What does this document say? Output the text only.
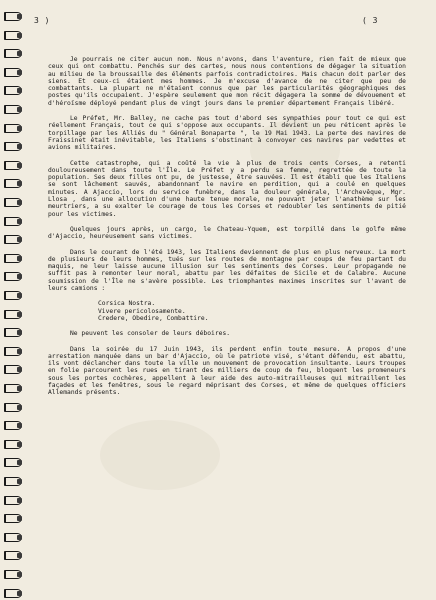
3 )	( 3

Je pourrais ne citer aucun nom. Nous n'avons, dans l'aventure, rien fait de mieux que ceux qui ont combattu. Penchés sur des cartes, nous nous contentions de dégager la situation au milieu de la broussaille des éléments parfois contradictoires. Mais chacun doit parler des siens. Et ceux-ci étaient mes hommes. Je m'excuse d'avance de ne citer que peu de combattants. La plupart ne m'étaient connus que par les particularités géographiques des postes qu'ils occupaient. J'espère seulement que mon récit dégagera la somme de dévouement et d'héroïsme déployé pendant plus de vingt jours dans le premier département Français libéré.

Le Préfet, Mr. Balley, ne cache pas tout d'abord ses sympathies pour tout ce qui est réellement Français, tout ce qui s'oppose aux occupants. Il devient un peu réticent après le torpillage par les Alliés du " Général Bonaparte ", le 19 Mai 1943. La perte des navires de Fraissinet était inévitable, les Italiens s'obstinant à convoyer ces navires par vedettes et avions militaires.

Cette catastrophe, qui a coûté la vie à plus de trois cents Corses, a retenti douloureusement dans toute l'Île. Le Préfet y a perdu sa femme, regrettée de toute la population. Ses deux filles ont pu, de justesse, être sauvées. Il est établi que les Italiens se sont lâchement sauvés, abandonnant le navire en perdition, qui a coulé en quelques minutes. A Ajaccio, lors du service funèbre, dans la douleur générale, l'Archevêque, Mgr. Llosa , dans une allocution d'une haute tenue morale, ne pouvant jeter l'anathème sur les meurtriers, a su exalter le courage de tous les Corses et redoubler les sentiments de pitié pour les victimes.

Quelques jours après, un cargo, le Chateau-Yquem, est torpillé dans le golfe même d'Ajaccio, heureusement sans victimes.

Dans le courant de l'été 1943, les Italiens deviennent de plus en plus nerveux. La mort de plusieurs de leurs hommes, tués sur les routes de montagne par coups de feu partant du maquis, ne leur laisse aucune illusion sur les sentiments des Corses. Leur propagande ne suffit pas à remonter leur moral, abattu par les défaites de Sicile et de Calabre. Aucune soumission de l'Île ne s'avère possible. Les triomphantes maximes inscrites sur l'avant de leurs camions :

Corsica Nostra.

Vivere pericolosamente.

Credere, Obedire, Combattire.

Ne peuvent les consoler de leurs déboires.

Dans la soirée du 17 Juin 1943, ils perdent enfin toute mesure. A propos d'une arrestation manquée dans un bar d'Ajaccio, où le patriote visé, s'étant défendu, est abattu, ils vont déclancher dans toute la ville un mouvement de provocation insultante. Leurs troupes en folie parcourent les rues en tirant des milliers de coup de feu, bloquent les promeneurs sous les portes cochères, appellent à leur aide des auto-mitrailleuses qui mitraillent les façades et les fenêtres, sous le regard méprisant des Corses, et même de quelques officiers Allemands présents.
